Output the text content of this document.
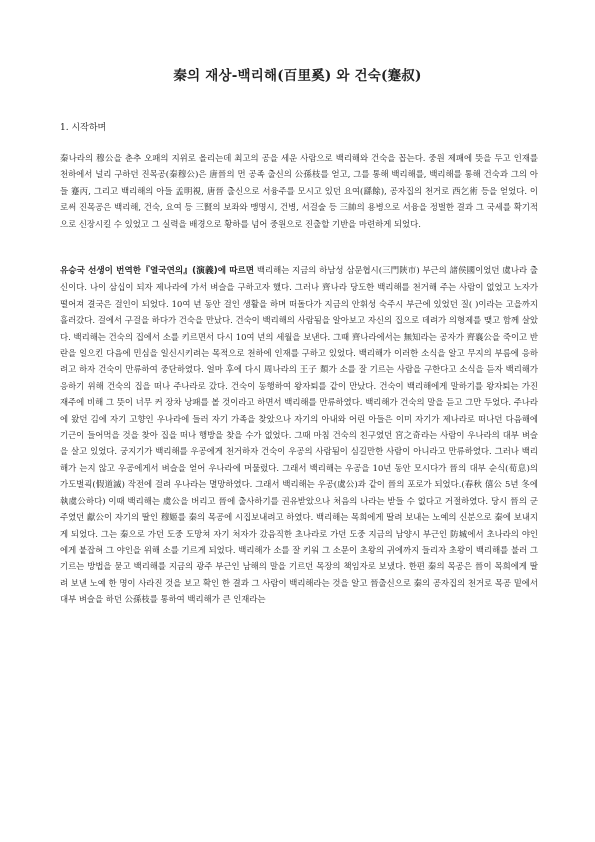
秦의 재상-백리해(百里奚) 와 건숙(蹇叔)
1. 시작하며
秦나라의 穆公을 춘추 오패의 지위로 올리는데 최고의 공을 세운 사람으로 백리해와 건숙을 꼽는다. 중원 제패에 뜻을 두고 인재를 천하에서 널리 구하던 진목공(秦穆公)은 唐晉의 먼 공족 출신의 公孫枝를 얻고, 그를 통해 백리해를, 백리해를 통해 건숙과 그의 아들 蹇丙, 그리고 백리해의 아들 孟明視, 唐晉 출신으로 서융주를 모시고 있던 요여(繇餘), 공자집의 천거로 西乞術 등을 얻었다. 이로써 진목공은 백리해, 건숙, 요여 등 三賢의 보좌와 맹명시, 건병, 서걸술 등 三帥의 용병으로 서융을 정벌한 결과 그 국세를 확기적으로 신장시킬 수 있었고 그 실력을 배경으로 황하를 넘어 중원으로 진출할 기반을 마련하게 되었다.
유승국 선생이 번역한『열국연의』(演義)에 따르면 백리해는 지금의 하남성 삼문협시(三門陝市) 부근의 諸侯國이었던 虞나라 출신이다. 나이 삼십이 되자 제나라에 가서 벼슬을 구하고자 했다. 그러나 齊나라 당도한 백리해를 천거해 주는 사람이 없었고 노자가 떨어져 결국은 걸인이 되었다. 10여 년 동안 걸인 생활을 하며 떠돌다가 지금의 안휘성 숙주시 부근에 있었던 질( )이라는 고을까지 흘러갔다. 걸에서 구걸을 하다가 건숙을 만났다. 건숙이 백리해의 사람됨을 알아보고 자신의 집으로 데려가 의형제를 맺고 함께 살았다. 백리해는 건숙의 집에서 소를 키르면서 다시 10여 년의 세월을 보낸다. 그때 齊나라에서는 無知라는 공자가 齊襄公을 죽이고 반란을 일으킨 다음에 민심을 일신시키려는 목적으로 천하에 인재를 구하고 있었다. 백리해가 이러한 소식을 알고 무지의 부름에 응하려고 하자 건숙이 만류하여 중단하였다. 얼마 후에 다시 周나라의 王子 頹가 소를 잘 기르는 사람을 구한다고 소식을 듣자 백리해가 응하기 위해 건숙의 집을 떠나 주나라로 갔다. 건숙이 동행하여 왕자퇴를 같이 만났다. 건숙이 백리해에게 말하기를 왕자퇴는 가진 재주에 비해 그 뜻이 너무 커 장차 낭패를 볼 것이라고 하면서 백리해를 만류하였다. 백리해가 건숙의 말을 듣고 그만 두었다. 주나라에 왔던 김에 자기 고향인 우나라에 들러 자기 가족을 찾았으나 자기의 아내와 어린 아들은 이미 자기가 제나라로 떠나던 다음해에 기근이 들어먹을 것을 찾아 집을 떠나 행방을 찾을 수가 없었다. 그때 마침 건숙의 친구였던 宮之奇라는 사람이 우나라의 대부 벼슬을 살고 있었다. 궁지기가 백리해를 우공에게 천거하자 건숙이 우공의 사람됨이 심길만한 사람이 아니라고 만류하였다. 그러나 백리해가 는지 않고 우공에게서 벼슬을 얻어 우나라에 머물렀다. 그래서 백리해는 우공을 10년 동안 모시다가 晉의 대부 순식(荀息)의 가도벌괵(假道滅) 작전에 걸려 우나라는 멸망하였다. 그래서 백리해는 우공(虞公)과 같이 晉의 포로가 되었다.(春秋 僖公 5년 冬에 執虞公하다) 이때 백리해는 虞公을 버리고 晉에 출사하기를 권유받았으나 처음의 나라는 받들 수 없다고 거절하였다. 당시 晉의 군주였던 獻公이 자기의 딸인 穆姬를 秦의 목공에 시집보내려고 하였다. 백리해는 목희에게 딸려 보내는 노예의 신분으로 秦에 보내지게 되었다. 그는 秦으로 가던 도중 도망쳐 자기 처자가 갔음직한 초나라로 가던 도중 지금의 남양시 부근인 防城에서 초나라의 야인에게 붙잡혀 그 야인을 위해 소를 기르게 되었다. 백리해가 소를 잘 키워 그 소문이 초왕의 귀에까지 들리자 초왕이 백리해를 불러 그 기르는 방법을 묻고 백리해를 지금의 광주 부근인 남해의 말을 기르던 목장의 책임자로 보냈다. 한편 秦의 목공은 晉이 목희에게 딸려 보낸 노예 한 명이 사라진 것을 보고 확인 한 결과 그 사람이 백리해라는 것을 알고 晉출신으로 秦의 공자집의 천거로 목공 밑에서 대부 벼슬을 하던 公孫枝를 통하여 백리해가 큰 인재라는
